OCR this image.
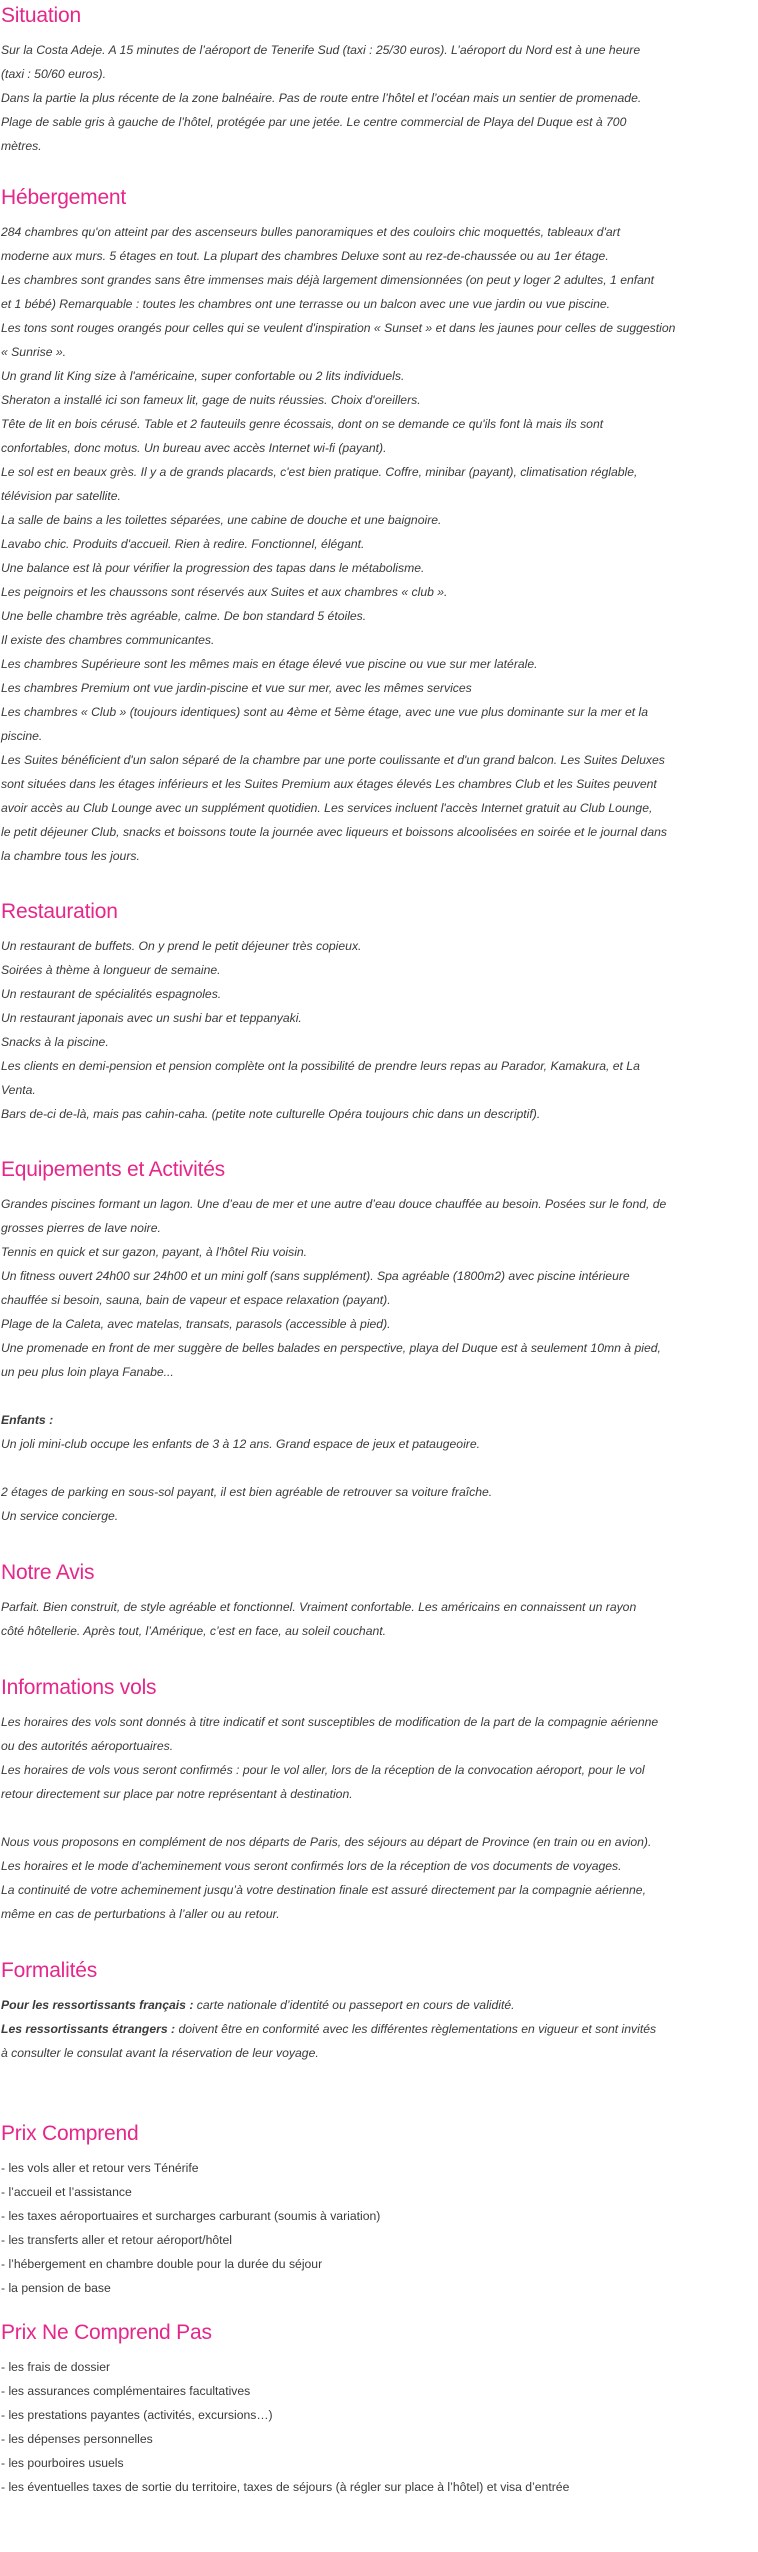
Situation

Sur la Costa Adeje. A 15 minutes de l’aéroport de Tenerife Sud (taxi : 25/30 euros). L’aéroport du Nord est à une heure

(taxi : 50/60 euros).

Dans la partie la plus récente de la zone balnéaire. Pas de route entre l’hôtel et l’océan mais un sentier de promenade.

Plage de sable gris à gauche de l’hôtel, protégée par une jetée. Le centre commercial de Playa del Duque est à 700

mètres.

Hébergement

284 chambres qu'on atteint par des ascenseurs bulles panoramiques et des couloirs chic moquettés, tableaux d'art

moderne aux murs. 5 étages en tout. La plupart des chambres Deluxe sont au rez-de-chaussée ou au 1er étage.

Les chambres sont grandes sans être immenses mais déjà largement dimensionnées (on peut y loger 2 adultes, 1 enfant

et 1 bébé) Remarquable : toutes les chambres ont une terrasse ou un balcon avec une vue jardin ou vue piscine.

Les tons sont rouges orangés pour celles qui se veulent d'inspiration « Sunset » et dans les jaunes pour celles de suggestion

« Sunrise ».

Un grand lit King size à l'américaine, super confortable ou 2 lits individuels.

Sheraton a installé ici son fameux lit, gage de nuits réussies. Choix d'oreillers.

Tête de lit en bois cérusé. Table et 2 fauteuils genre écossais, dont on se demande ce qu'ils font là mais ils sont

confortables, donc motus. Un bureau avec accès Internet wi-fi (payant).

Le sol est en beaux grès. Il y a de grands placards, c'est bien pratique. Coffre, minibar (payant), climatisation réglable,

télévision par satellite.

La salle de bains a les toilettes séparées, une cabine de douche et une baignoire.

Lavabo chic. Produits d'accueil. Rien à redire. Fonctionnel, élégant.

Une balance est là pour vérifier la progression des tapas dans le métabolisme.

Les peignoirs et les chaussons sont réservés aux Suites et aux chambres « club ».

Une belle chambre très agréable, calme. De bon standard 5 étoiles.

Il existe des chambres communicantes.

Les chambres Supérieure sont les mêmes mais en étage élevé vue piscine ou vue sur mer latérale.

Les chambres Premium ont vue jardin-piscine et vue sur mer, avec les mêmes services

Les chambres « Club » (toujours identiques) sont au 4ème et 5ème étage, avec une vue plus dominante sur la mer et la

piscine.

Les Suites bénéficient d'un salon séparé de la chambre par une porte coulissante et d'un grand balcon. Les Suites Deluxes

sont situées dans les étages inférieurs et les Suites Premium aux étages élevés Les chambres Club et les Suites peuvent

avoir accès au Club Lounge avec un supplément quotidien. Les services incluent l'accès Internet gratuit au Club Lounge,

le petit déjeuner Club, snacks et boissons toute la journée avec liqueurs et boissons alcoolisées en soirée et le journal dans

la chambre tous les jours.

Restauration

Un restaurant de buffets. On y prend le petit déjeuner très copieux.

Soirées à thème à longueur de semaine.

Un restaurant de spécialités espagnoles.

Un restaurant japonais avec un sushi bar et teppanyaki.

Snacks à la piscine.

Les clients en demi-pension et pension complète ont la possibilité de prendre leurs repas au Parador, Kamakura, et La

Venta.

Bars de-ci de-là, mais pas cahin-caha. (petite note culturelle Opéra toujours chic dans un descriptif).

Equipements et Activités

Grandes piscines formant un lagon. Une d’eau de mer et une autre d’eau douce chauffée au besoin. Posées sur le fond, de

grosses pierres de lave noire.

Tennis en quick et sur gazon, payant, à l'hôtel Riu voisin.

Un fitness ouvert 24h00 sur 24h00 et un mini golf (sans supplément). Spa agréable (1800m2) avec piscine intérieure

chauffée si besoin, sauna, bain de vapeur et espace relaxation (payant).

Plage de la Caleta, avec matelas, transats, parasols (accessible à pied).

Une promenade en front de mer suggère de belles balades en perspective, playa del Duque est à seulement 10mn à pied,

un peu plus loin playa Fanabe...

Enfants :

Un joli mini-club occupe les enfants de 3 à 12 ans. Grand espace de jeux et pataugeoire.

2 étages de parking en sous-sol payant, il est bien agréable de retrouver sa voiture fraîche.

Un service concierge.

Notre Avis

Parfait. Bien construit, de style agréable et fonctionnel. Vraiment confortable. Les américains en connaissent un rayon

côté hôtellerie. Après tout, l’Amérique, c’est en face, au soleil couchant.

Informations vols

Les horaires des vols sont donnés à titre indicatif et sont susceptibles de modification de la part de la compagnie aérienne

ou des autorités aéroportuaires.

Les horaires de vols vous seront confirmés : pour le vol aller, lors de la réception de la convocation aéroport, pour le vol

retour directement sur place par notre représentant à destination.

Nous vous proposons en complément de nos départs de Paris, des séjours au départ de Province (en train ou en avion).

Les horaires et le mode d’acheminement vous seront confirmés lors de la réception de vos documents de voyages.

La continuité de votre acheminement jusqu’à votre destination finale est assuré directement par la compagnie aérienne,

même en cas de perturbations à l’aller ou au retour.

Formalités

Pour les ressortissants français : carte nationale d’identité ou passeport en cours de validité.

Les ressortissants étrangers : doivent être en conformité avec les différentes règlementations en vigueur et sont invités

à consulter le consulat avant la réservation de leur voyage.

Prix Comprend

- les vols aller et retour vers Ténérife

- l’accueil et l’assistance

- les taxes aéroportuaires et surcharges carburant (soumis à variation)

- les transferts aller et retour aéroport/hôtel

- l’hébergement en chambre double pour la durée du séjour

- la pension de base

Prix Ne Comprend Pas

- les frais de dossier

- les assurances complémentaires facultatives

- les prestations payantes (activités, excursions…)

- les dépenses personnelles

- les pourboires usuels

- les éventuelles taxes de sortie du territoire, taxes de séjours (à régler sur place à l’hôtel) et visa d’entrée
